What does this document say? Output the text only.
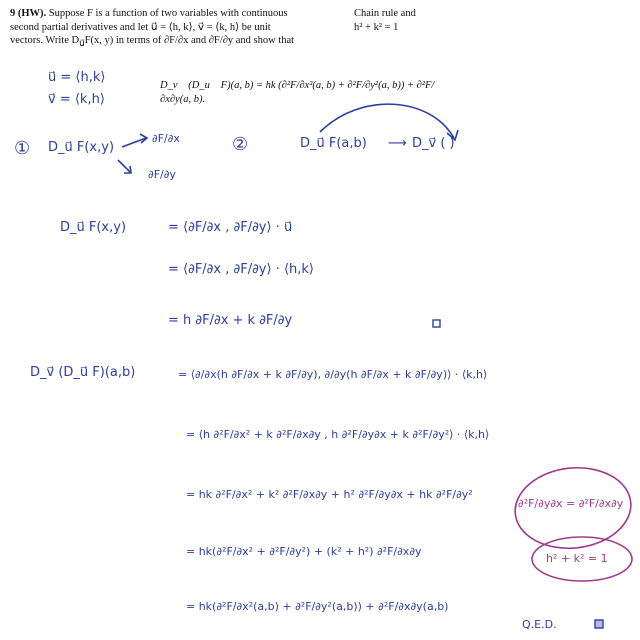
9 (HW). Suppose F is a function of two variables with continuous
second partial derivatives and let u⃗ = ⟨h, k⟩, v⃗ = ⟨k, h⟩ be unit
vectors. Write $D_{u⃗}F(x$, y) in terms of ∂F/∂x and ∂F/∂y and show that
Chain rule and
h² + k² = 1
D_v⃗ (D_u⃗ F)(a, b) = hk (∂²F/∂x²(a, b) + ∂²F/∂y²(a, b)) + ∂²F/∂x∂y(a, b).
u⃗ = ⟨h,k⟩
v⃗ = ⟨k,h⟩
① D_u⃗ F(x,y)
∂F/∂x
∂F/∂y
②	D_u⃗ F(a,b) ⟶ D_v⃗ ( )
D_u⃗ F(x,y)	= ⟨∂F/∂x , ∂F/∂y⟩ · u⃗
= ⟨∂F/∂x , ∂F/∂y⟩ · ⟨h,k⟩
= h ∂F/∂x + k ∂F/∂y
D_v⃗ (D_u⃗ F)(a,b)	= ⟨∂/∂x(h ∂F/∂x + k ∂F/∂y), ∂/∂y(h ∂F/∂x + k ∂F/∂y)⟩ · ⟨k,h⟩
= ⟨h ∂²F/∂x² + k ∂²F/∂x∂y , h ∂²F/∂y∂x + k ∂²F/∂y²⟩ · ⟨k,h⟩
= hk ∂²F/∂x² + k² ∂²F/∂x∂y + h² ∂²F/∂y∂x + hk ∂²F/∂y²
= hk(∂²F/∂x² + ∂²F/∂y²) + (k² + h²) ∂²F/∂x∂y
= hk(∂²F/∂x²(a,b) + ∂²F/∂y²(a,b)) + ∂²F/∂x∂y(a,b)
∂²F/∂y∂x = ∂²F/∂x∂y
h² + k² = 1
Q.E.D.
